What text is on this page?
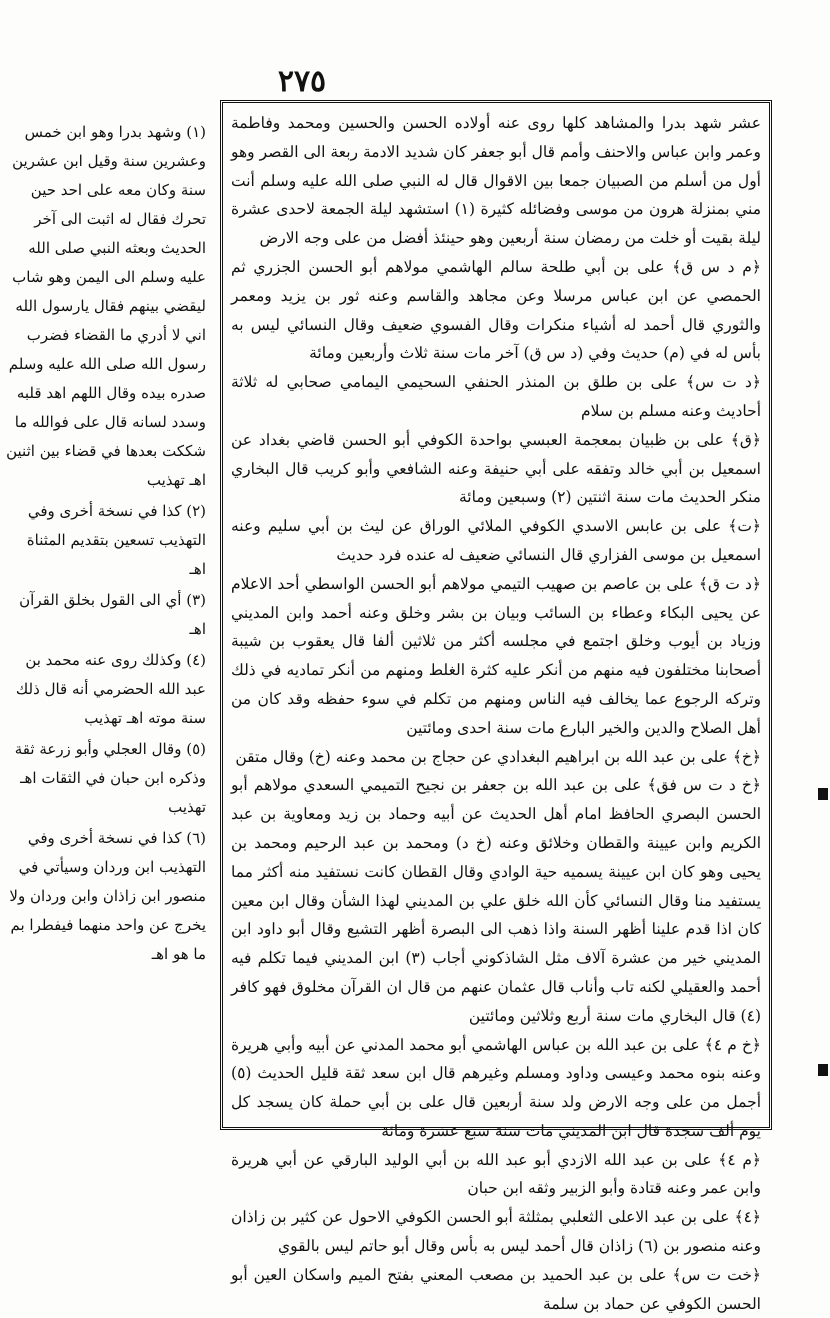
٢٧٥

(١) وشهد بدرا وهو ابن خمس وعشرين سنة وقيل ابن عشرين سنة وكان معه على احد حين تحرك فقال له اثبت الى آخر الحديث وبعثه النبي صلى الله عليه وسلم الى اليمن وهو شاب ليقضي بينهم فقال يارسول الله اني لا أدري ما القضاء فضرب رسول الله صلى الله عليه وسلم صدره بيده وقال اللهم اهد قلبه وسدد لسانه قال على فوالله ما شككت بعدها في قضاء بين اثنين اهـ تهذيب

(٢) كذا في نسخة أخرى وفي التهذيب تسعين بتقديم المثناة اهـ

(٣) أي الى القول بخلق القرآن اهـ

(٤) وكذلك روى عنه محمد بن عبد الله الحضرمي أنه قال ذلك سنة موته اهـ تهذيب

(٥) وقال العجلي وأبو زرعة ثقة وذكره ابن حبان في الثقات اهـ تهذيب

(٦) كذا في نسخة أخرى وفي التهذيب ابن وردان وسيأتي في منصور ابن زاذان وابن وردان ولا يخرج عن واحد منهما فيفطرا بم ما هو اهـ

عشر شهد بدرا والمشاهد كلها روى عنه أولاده الحسن والحسين ومحمد وفاطمة وعمر وابن عباس والاحنف وأمم قال أبو جعفر كان شديد الادمة ربعة الى القصر وهو أول من أسلم من الصبيان جمعا بين الاقوال قال له النبي صلى الله عليه وسلم أنت مني بمنزلة هرون من موسى وفضائله كثيرة (١) استشهد ليلة الجمعة لاحدى عشرة ليلة بقيت أو خلت من رمضان سنة أربعين وهو حينئذ أفضل من على وجه الارض

﴿م د س ق﴾ على بن أبي طلحة سالم الهاشمي مولاهم أبو الحسن الجزري ثم الحمصي عن ابن عباس مرسلا وعن مجاهد والقاسم وعنه ثور بن يزيد ومعمر والثوري قال أحمد له أشياء منكرات وقال الفسوي ضعيف وقال النسائي ليس به بأس له في (م) حديث وفي (د س ق) آخر مات سنة ثلاث وأربعين ومائة

﴿د ت س﴾ على بن طلق بن المنذر الحنفي السحيمي اليمامي صحابي له ثلاثة أحاديث وعنه مسلم بن سلام

﴿ق﴾ على بن ظبيان بمعجمة العبسي بواحدة الكوفي أبو الحسن قاضي بغداد عن اسمعيل بن أبي خالد وتفقه على أبي حنيفة وعنه الشافعي وأبو كريب قال البخاري منكر الحديث مات سنة اثنتين (٢) وسبعين ومائة

﴿ت﴾ على بن عابس الاسدي الكوفي الملائي الوراق عن ليث بن أبي سليم وعنه اسمعيل بن موسى الفزاري قال النسائي ضعيف له عنده فرد حديث

﴿د ت ق﴾ على بن عاصم بن صهيب التيمي مولاهم أبو الحسن الواسطي أحد الاعلام عن يحيى البكاء وعطاء بن السائب وبيان بن بشر وخلق وعنه أحمد وابن المديني وزياد بن أيوب وخلق اجتمع في مجلسه أكثر من ثلاثين ألفا قال يعقوب بن شيبة أصحابنا مختلفون فيه منهم من أنكر عليه كثرة الغلط ومنهم من أنكر تماديه في ذلك وتركه الرجوع عما يخالف فيه الناس ومنهم من تكلم في سوء حفظه وقد كان من أهل الصلاح والدين والخير البارع مات سنة احدى ومائتين

﴿خ﴾ على بن عبد الله بن ابراهيم البغدادي عن حجاج بن محمد وعنه (خ) وقال متقن

﴿خ د ت س فق﴾ على بن عبد الله بن جعفر بن نجيح التميمي السعدي مولاهم أبو الحسن البصري الحافظ امام أهل الحديث عن أبيه وحماد بن زيد ومعاوية بن عبد الكريم وابن عيينة والقطان وخلائق وعنه (خ د) ومحمد بن عبد الرحيم ومحمد بن يحيى وهو كان ابن عيينة يسميه حية الوادي وقال القطان كانت نستفيد منه أكثر مما يستفيد منا وقال النسائي كأن الله خلق علي بن المديني لهذا الشأن وقال ابن معين كان اذا قدم علينا أظهر السنة واذا ذهب الى البصرة أظهر التشيع وقال أبو داود ابن المديني خير من عشرة آلاف مثل الشاذكوني أجاب (٣) ابن المديني فيما تكلم فيه أحمد والعقيلي لكنه تاب وأناب قال عثمان عنهم من قال ان القرآن مخلوق فهو كافر (٤) قال البخاري مات سنة أربع وثلاثين ومائتين

﴿خ م ٤﴾ على بن عبد الله بن عباس الهاشمي أبو محمد المدني عن أبيه وأبي هريرة وعنه بنوه محمد وعيسى وداود ومسلم وغيرهم قال ابن سعد ثقة قليل الحديث (٥) أجمل من على وجه الارض ولد سنة أربعين قال على بن أبي حملة كان يسجد كل يوم ألف سجدة قال ابن المديني مات سنة سبع عشرة ومائة

﴿م ٤﴾ على بن عبد الله الازدي أبو عبد الله بن أبي الوليد البارقي عن أبي هريرة وابن عمر وعنه قتادة وأبو الزبير وثقه ابن حبان

﴿٤﴾ على بن عبد الاعلى الثعلبي بمثلثة أبو الحسن الكوفي الاحول عن كثير بن زاذان وعنه منصور بن (٦) زاذان قال أحمد ليس به بأس وقال أبو حاتم ليس بالقوي

﴿خت ت س﴾ على بن عبد الحميد بن مصعب المعني بفتح الميم واسكان العين أبو الحسن الكوفي عن حماد بن سلمة
